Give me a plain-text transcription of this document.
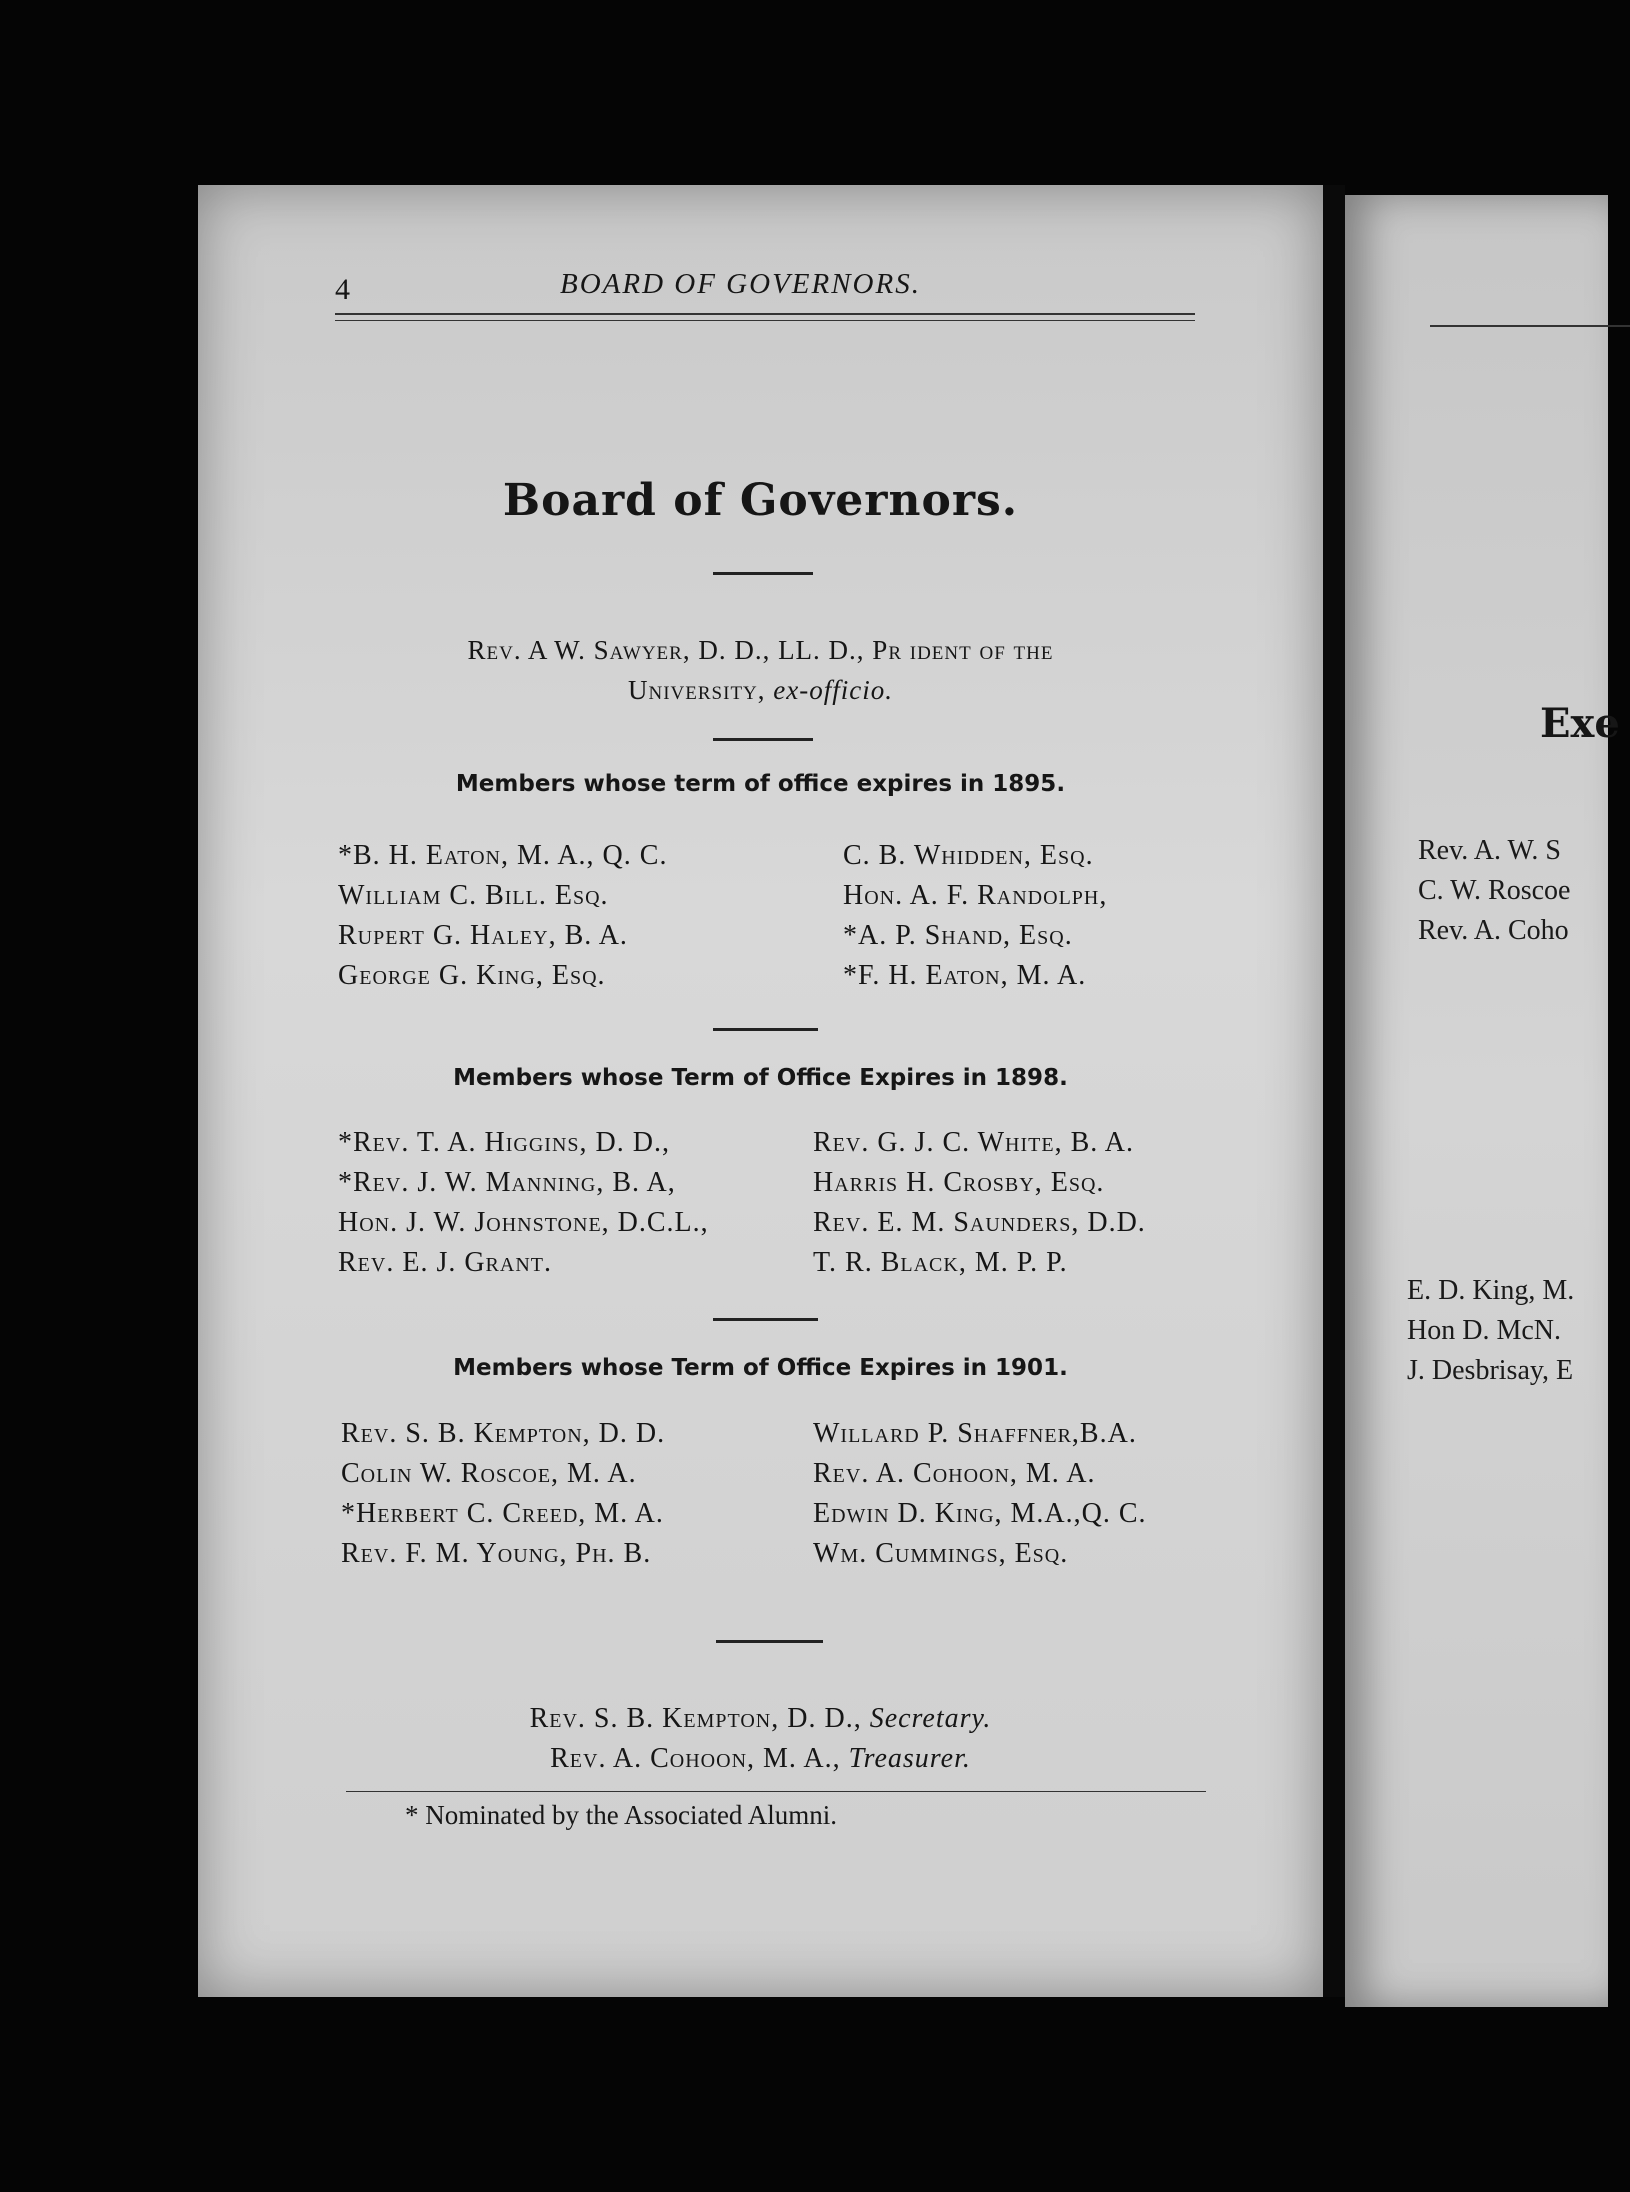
4	BOARD OF GOVERNORS.
Board of Governors.
Rev. A W. Sawyer, D. D., LL. D., Pr ident of the
University, ex-officio.
Members whose term of office expires in 1895.
*B. H. Eaton, M. A., Q. C.
William C. Bill. Esq.
Rupert G. Haley, B. A.
George G. King, Esq.
C. B. Whidden, Esq.
Hon. A. F. Randolph,
*A. P. Shand, Esq.
*F. H. Eaton, M. A.
Members whose Term of Office Expires in 1898.
*Rev. T. A. Higgins, D. D.,
*Rev. J. W. Manning, B. A,
Hon. J. W. Johnstone, D.C.L.,
Rev. E. J. Grant.
Rev. G. J. C. White, B. A.
Harris H. Crosby, Esq.
Rev. E. M. Saunders, D.D.
T. R. Black, M. P. P.
Members whose Term of Office Expires in 1901.
Rev. S. B. Kempton, D. D.
Colin W. Roscoe, M. A.
*Herbert C. Creed, M. A.
Rev. F. M. Young, Ph. B.
Willard P. Shaffner,B.A.
Rev. A. Cohoon, M. A.
Edwin D. King, M.A.,Q. C.
Wm. Cummings, Esq.
Rev. S. B. Kempton, D. D., Secretary.
Rev. A. Cohoon, M. A., Treasurer.
* Nominated by the Associated Alumni.
Exe
Rev. A. W. S
C. W. Roscoe
Rev. A. Coho
E. D. King, M.
Hon D. McN.
J. Desbrisay, E
